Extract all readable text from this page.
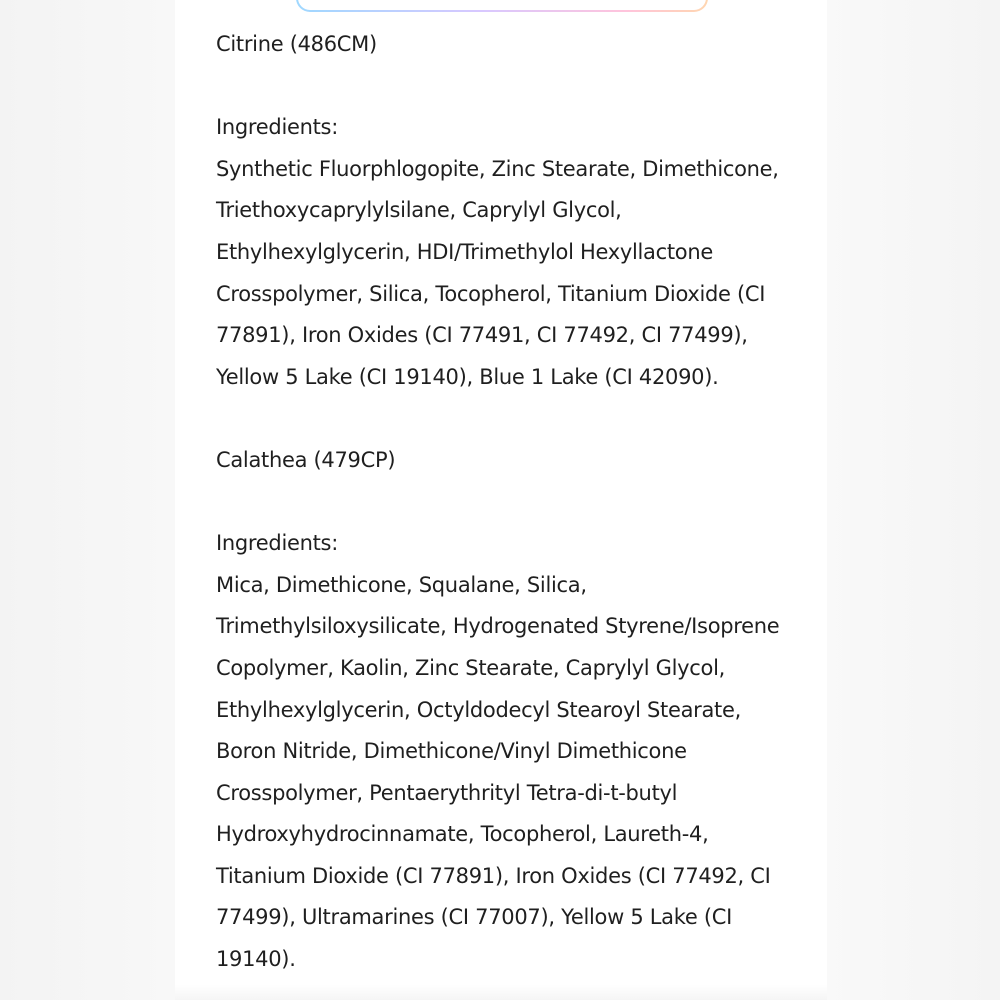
Citrine (486CM)
Ingredients:
Synthetic Fluorphlogopite, Zinc Stearate, Dimethicone,
Triethoxycaprylylsilane, Caprylyl Glycol,
Ethylhexylglycerin, HDI/Trimethylol Hexyllactone
Crosspolymer, Silica, Tocopherol, Titanium Dioxide (CI
77891), Iron Oxides (CI 77491, CI 77492, CI 77499),
Yellow 5 Lake (CI 19140), Blue 1 Lake (CI 42090).
Calathea (479CP)
Ingredients:
Mica, Dimethicone, Squalane, Silica,
Trimethylsiloxysilicate, Hydrogenated Styrene/Isoprene
Copolymer, Kaolin, Zinc Stearate, Caprylyl Glycol,
Ethylhexylglycerin, Octyldodecyl Stearoyl Stearate,
Boron Nitride, Dimethicone/Vinyl Dimethicone
Crosspolymer, Pentaerythrityl Tetra-di-t-butyl
Hydroxyhydrocinnamate, Tocopherol, Laureth-4,
Titanium Dioxide (CI 77891), Iron Oxides (CI 77492, CI
77499), Ultramarines (CI 77007), Yellow 5 Lake (CI
19140).
